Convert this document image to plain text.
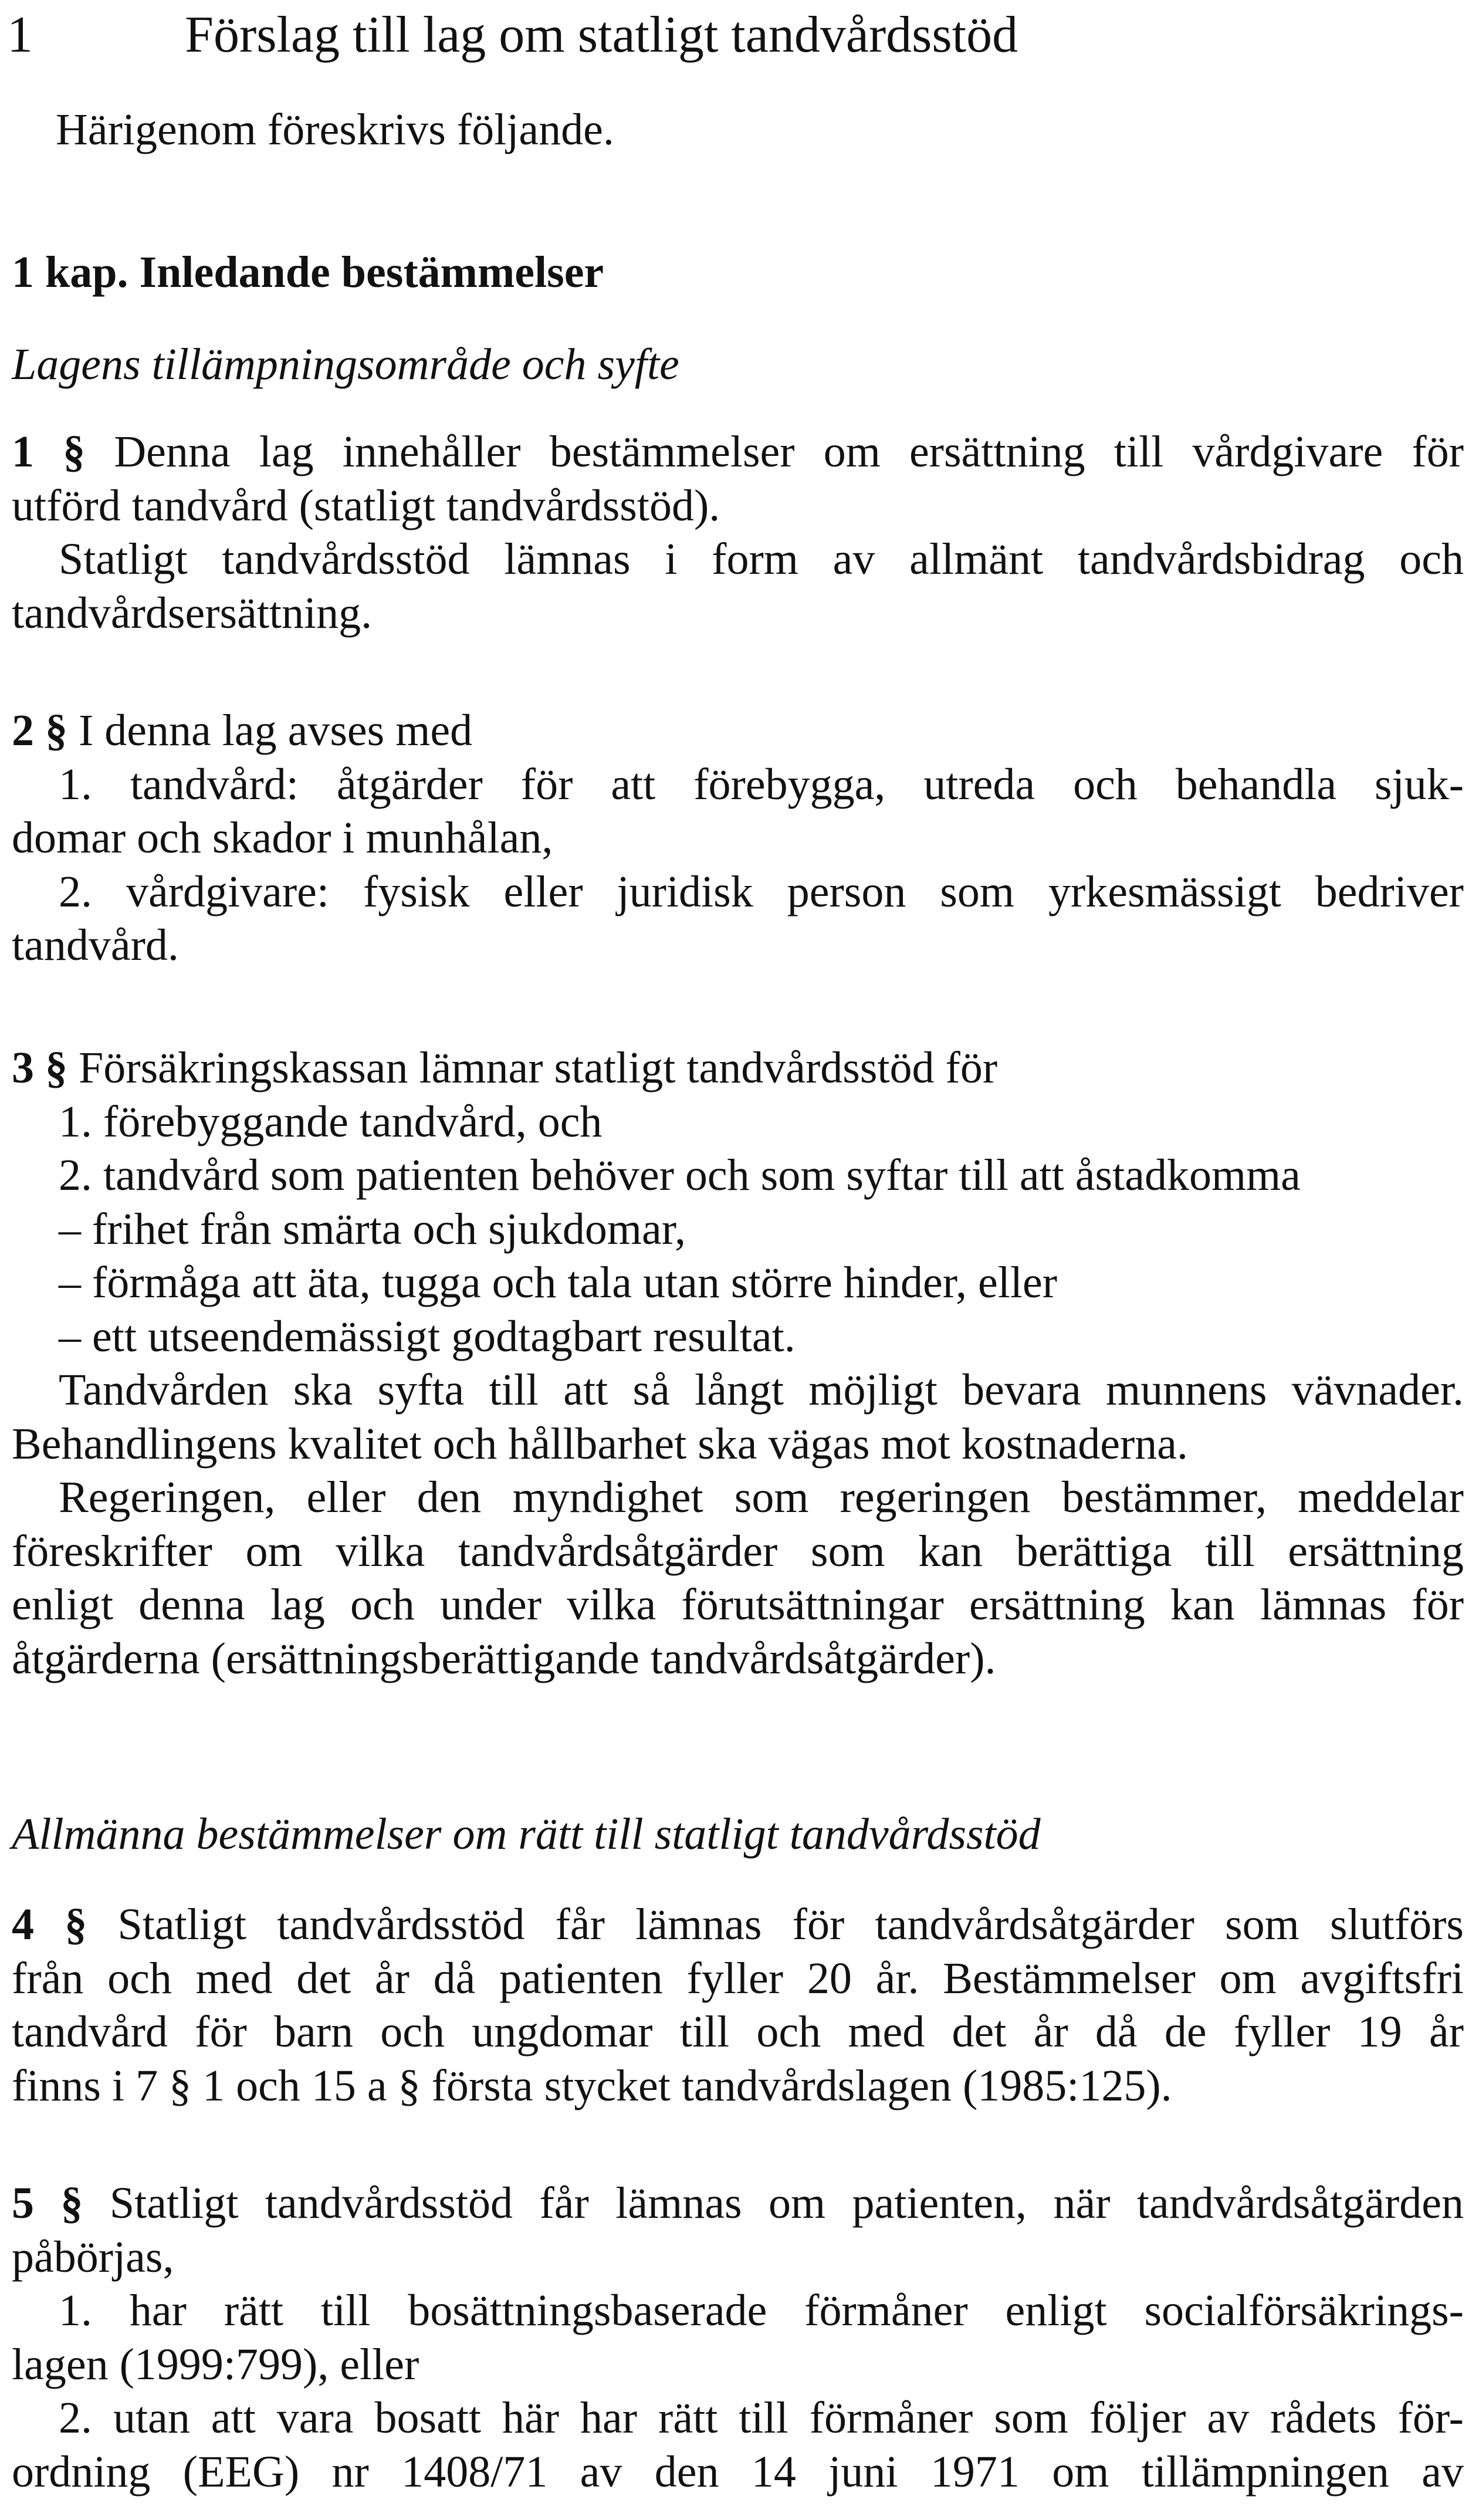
1	Förslag till lag om statligt tandvårdsstöd
Härigenom föreskrivs följande.
1 kap. Inledande bestämmelser
Lagens tillämpningsområde och syfte

1 § Denna lag innehåller bestämmelser om ersättning till vårdgivare för

utförd tandvård (statligt tandvårdsstöd).

Statligt tandvårdsstöd lämnas i form av allmänt tandvårdsbidrag och

tandvårdsersättning.

2 § I denna lag avses med

1. tandvård: åtgärder för att förebygga, utreda och behandla sjuk-

domar och skador i munhålan,

2. vårdgivare: fysisk eller juridisk person som yrkesmässigt bedriver

tandvård.

3 § Försäkringskassan lämnar statligt tandvårdsstöd för

1. förebyggande tandvård, och

2. tandvård som patienten behöver och som syftar till att åstadkomma

– frihet från smärta och sjukdomar,

– förmåga att äta, tugga och tala utan större hinder, eller

– ett utseendemässigt godtagbart resultat.

Tandvården ska syfta till att så långt möjligt bevara munnens vävnader.

Behandlingens kvalitet och hållbarhet ska vägas mot kostnaderna.

Regeringen, eller den myndighet som regeringen bestämmer, meddelar

föreskrifter om vilka tandvårdsåtgärder som kan berättiga till ersättning

enligt denna lag och under vilka förutsättningar ersättning kan lämnas för

åtgärderna (ersättningsberättigande tandvårdsåtgärder).

Allmänna bestämmelser om rätt till statligt tandvårdsstöd

4 § Statligt tandvårdsstöd får lämnas för tandvårdsåtgärder som slutförs

från och med det år då patienten fyller 20 år. Bestämmelser om avgiftsfri

tandvård för barn och ungdomar till och med det år då de fyller 19 år

finns i 7 § 1 och 15 a § första stycket tandvårdslagen (1985:125).

5 § Statligt tandvårdsstöd får lämnas om patienten, när tandvårdsåtgärden

påbörjas,

1. har rätt till bosättningsbaserade förmåner enligt socialförsäkrings-

lagen (1999:799), eller

2. utan att vara bosatt här har rätt till förmåner som följer av rådets för-

ordning (EEG) nr 1408/71 av den 14 juni 1971 om tillämpningen av
